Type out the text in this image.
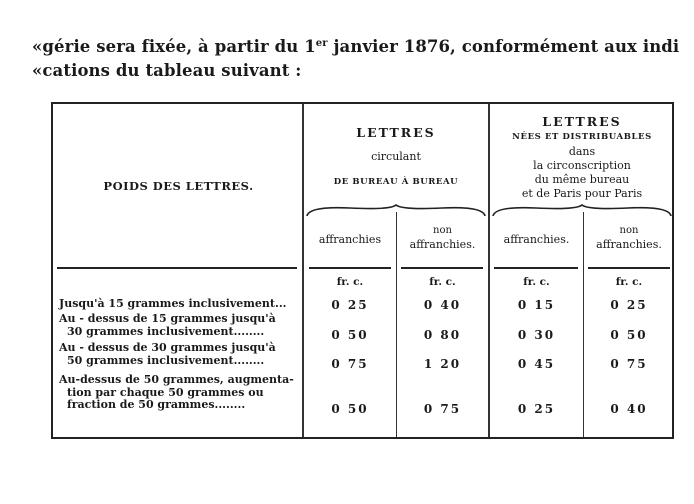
«gérie sera fixée, à partir du 1er janvier 1876, conformément aux indi
«cations du tableau suivant :
POIDS DES LETTRES.
LETTRES
circulant
DE BUREAU À BUREAU
affranchies
non
affranchies.
LETTRES
NÉES ET DISTRIBUABLES
dans
la circonscription
du même bureau
et de Paris pour Paris
affranchies.
non
affranchies.
fr. c.	fr. c.	fr. c.	fr. c.
Jusqu'à 15 grammes inclusivement...	0 25	0 40	0 15	0 25
Au - dessus de 15 grammes jusqu'à
30 grammes inclusivement........	0 50	0 80	0 30	0 50
Au - dessus de 30 grammes jusqu'à
50 grammes inclusivement........	0 75	1 20	0 45	0 75
Au-dessus de 50 grammes, augmenta-
tion par chaque 50 grammes ou
fraction de 50 grammes........	0 50	0 75	0 25	0 40
